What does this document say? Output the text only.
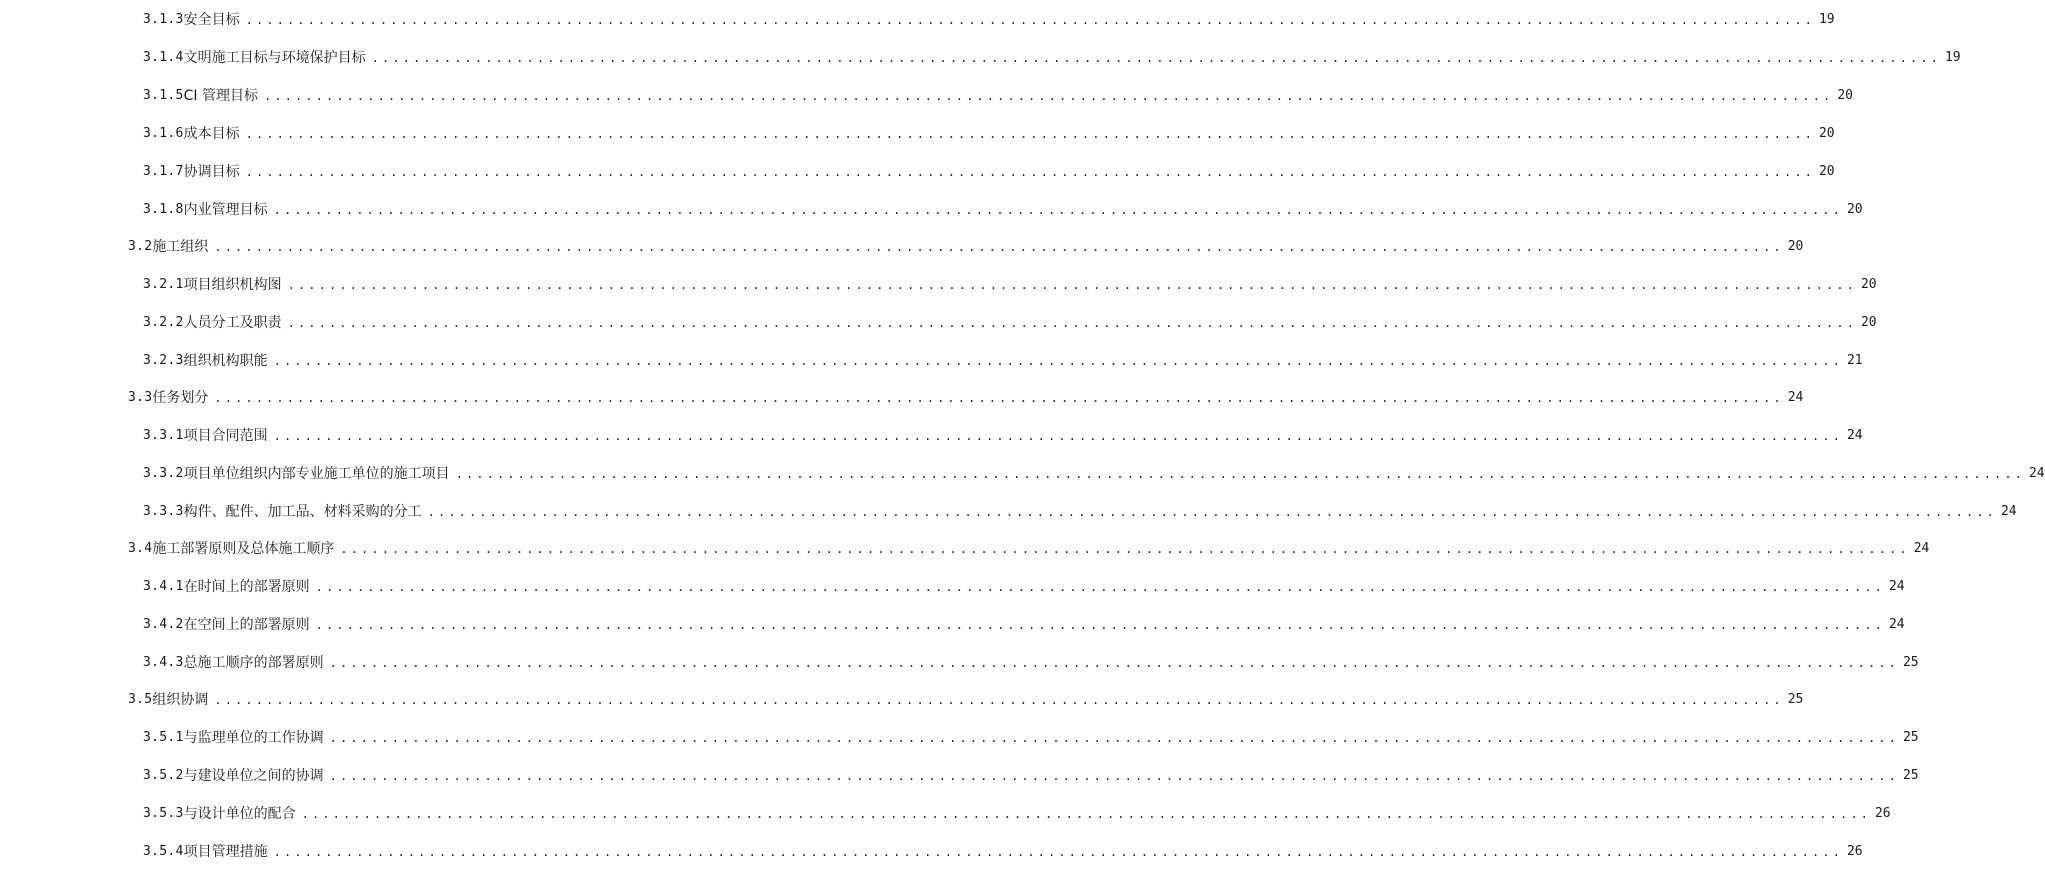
3.1.3 安全目标 ........................................................................................................................................................ 19
3.1.4 文明施工目标与环境保护目标 ........................................................................................................................................................ 19
3.1.5 CI 管理目标 ........................................................................................................................................................ 20
3.1.6 成本目标 ........................................................................................................................................................ 20
3.1.7 协调目标 ........................................................................................................................................................ 20
3.1.8 内业管理目标 ........................................................................................................................................................ 20
3.2 施工组织 ........................................................................................................................................................ 20
3.2.1 项目组织机构图 ........................................................................................................................................................ 20
3.2.2 人员分工及职责 ........................................................................................................................................................ 20
3.2.3 组织机构职能 ........................................................................................................................................................ 21
3.3 任务划分 ........................................................................................................................................................ 24
3.3.1 项目合同范围 ........................................................................................................................................................ 24
3.3.2 项目单位组织内部专业施工单位的施工项目 ........................................................................................................................................................ 24
3.3.3 构件、配件、加工品、材料采购的分工 ........................................................................................................................................................ 24
3.4 施工部署原则及总体施工顺序 ........................................................................................................................................................ 24
3.4.1 在时间上的部署原则 ........................................................................................................................................................ 24
3.4.2 在空间上的部署原则 ........................................................................................................................................................ 24
3.4.3 总施工顺序的部署原则 ........................................................................................................................................................ 25
3.5 组织协调 ........................................................................................................................................................ 25
3.5.1 与监理单位的工作协调 ........................................................................................................................................................ 25
3.5.2 与建设单位之间的协调 ........................................................................................................................................................ 25
3.5.3 与设计单位的配合 ........................................................................................................................................................ 26
3.5.4 项目管理措施 ........................................................................................................................................................ 26
